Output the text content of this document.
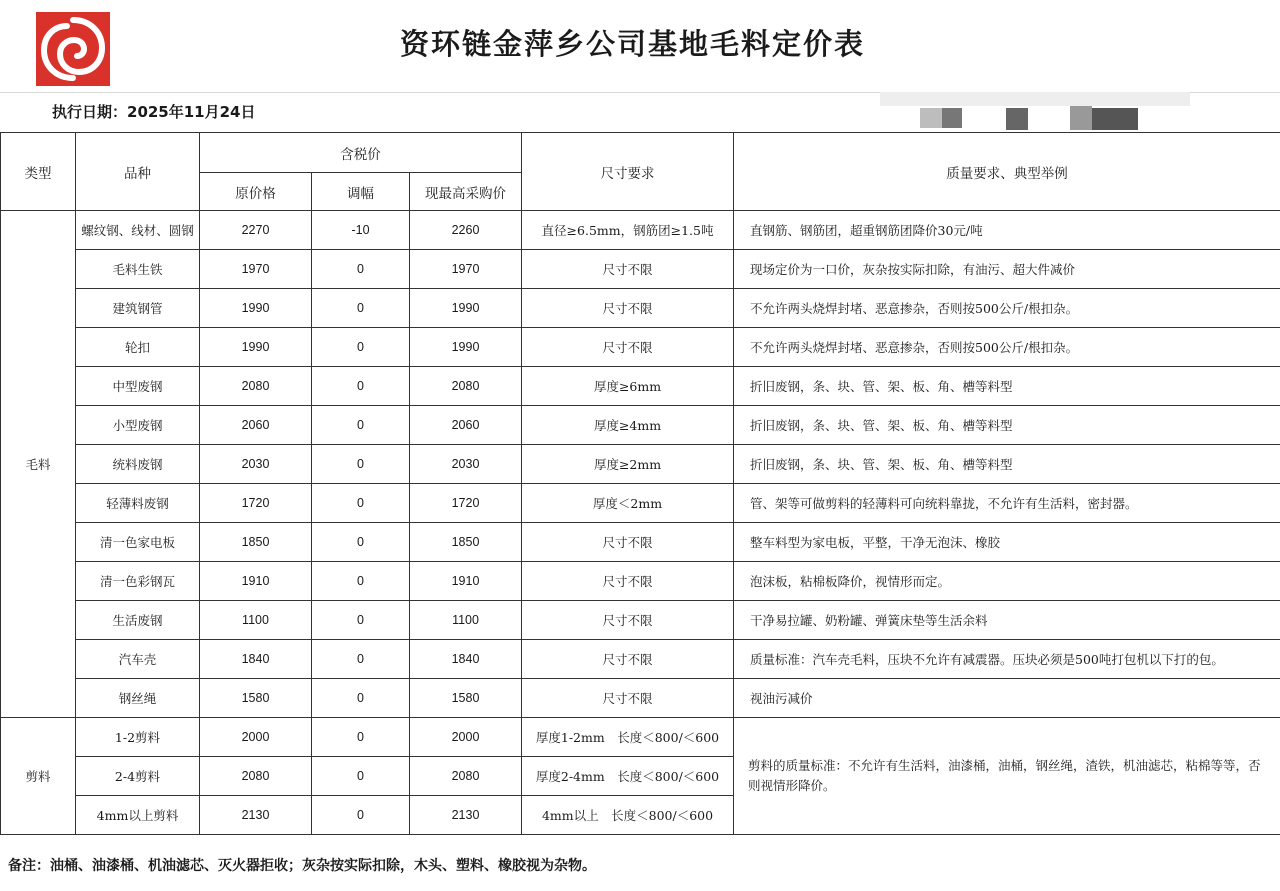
资环链金萍乡公司基地毛料定价表
执行日期：2025年11月24日
类型	品种	含税价			尺寸要求	质量要求、典型举例
		原价格	调幅	现最高采购价		
毛料	螺纹钢、线材、圆钢	2270	-10	2260	直径≥6.5mm，钢筋团≥1.5吨	直钢筋、钢筋团，超重钢筋团降价30元/吨
	毛料生铁	1970	0	1970	尺寸不限	现场定价为一口价，灰杂按实际扣除，有油污、超大件减价
	建筑钢管	1990	0	1990	尺寸不限	不允许两头烧焊封堵、恶意掺杂，否则按500公斤/根扣杂。
	轮扣	1990	0	1990	尺寸不限	不允许两头烧焊封堵、恶意掺杂，否则按500公斤/根扣杂。
	中型废钢	2080	0	2080	厚度≥6mm	折旧废钢，条、块、管、架、板、角、槽等料型
	小型废钢	2060	0	2060	厚度≥4mm	折旧废钢，条、块、管、架、板、角、槽等料型
	统料废钢	2030	0	2030	厚度≥2mm	折旧废钢，条、块、管、架、板、角、槽等料型
	轻薄料废钢	1720	0	1720	厚度＜2mm	管、架等可做剪料的轻薄料可向统料靠拢，不允许有生活料，密封器。
	清一色家电板	1850	0	1850	尺寸不限	整车料型为家电板，平整，干净无泡沫、橡胶
	清一色彩钢瓦	1910	0	1910	尺寸不限	泡沫板，粘棉板降价，视情形而定。
	生活废钢	1100	0	1100	尺寸不限	干净易拉罐、奶粉罐、弹簧床垫等生活余料
	汽车壳	1840	0	1840	尺寸不限	质量标准：汽车壳毛料，压块不允许有减震器。压块必须是500吨打包机以下打的包。
	钢丝绳	1580	0	1580	尺寸不限	视油污减价
剪料	1-2剪料	2000	0	2000	厚度1-2mm　长度＜800/＜600	剪料的质量标准：不允许有生活料，油漆桶，油桶，钢丝绳，渣铁，机油滤芯，粘棉等等，否则视情形降价。
	2-4剪料	2080	0	2080	厚度2-4mm　长度＜800/＜600	
	4mm以上剪料	2130	0	2130	4mm以上　长度＜800/＜600	
备注：油桶、油漆桶、机油滤芯、灭火器拒收；灰杂按实际扣除，木头、塑料、橡胶视为杂物。
